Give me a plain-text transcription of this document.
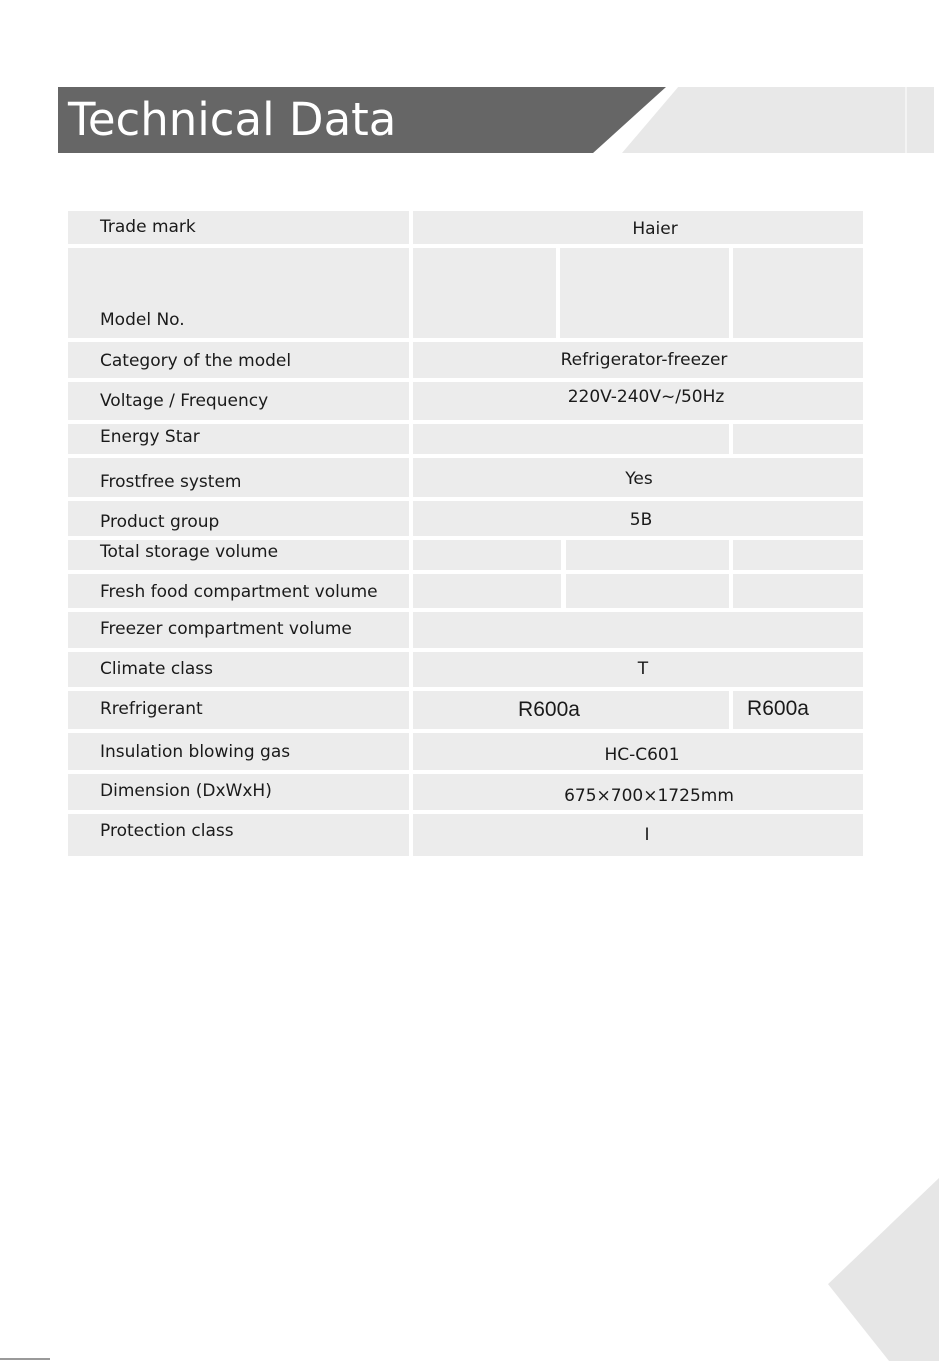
Technical Data
Trade mark	Haier
Model No.
Category of the model	Refrigerator-freezer
Voltage / Frequency	220V-240V~/50Hz
Energy Star
Frostfree system	Yes
Product group	5B
Total storage volume
Fresh food compartment volume
Freezer compartment volume
Climate class	T
Rrefrigerant	R600a	R600a
Insulation blowing gas	HC-C601
Dimension (DxWxH)	675×700×1725mm
Protection class	I
